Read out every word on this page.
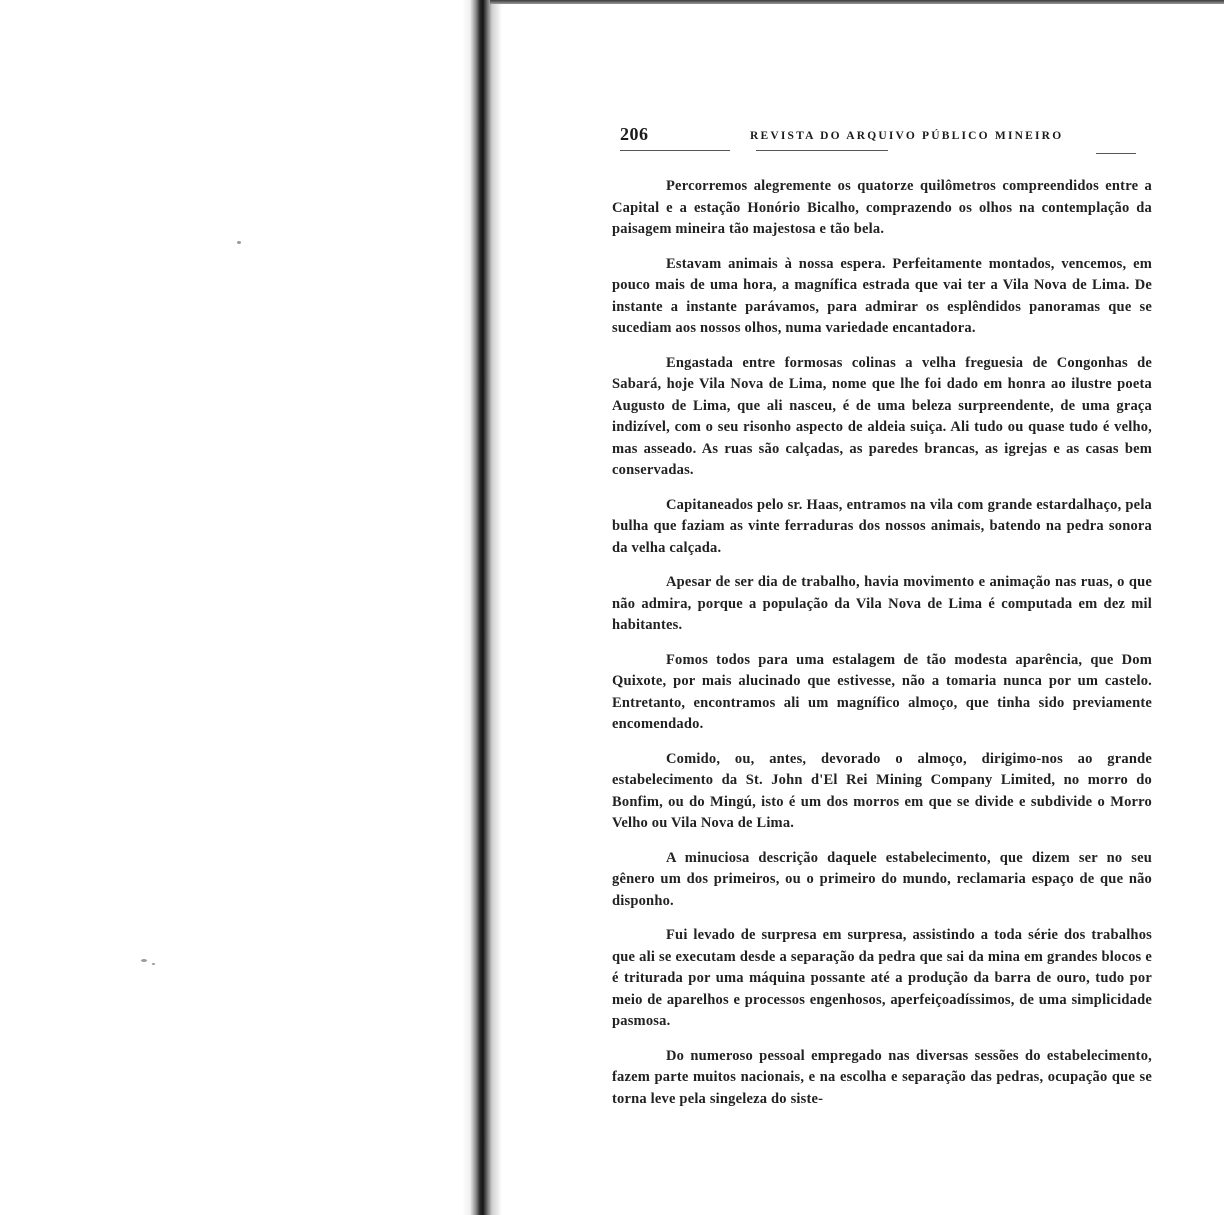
206	REVISTA DO ARQUIVO PÚBLICO MINEIRO

Percorremos alegremente os quatorze quilômetros compreendidos entre a Capital e a estação Honório Bicalho, comprazendo os olhos na contemplação da paisagem mineira tão majestosa e tão bela.

Estavam animais à nossa espera. Perfeitamente montados, vencemos, em pouco mais de uma hora, a magnífica estrada que vai ter a Vila Nova de Lima. De instante a instante parávamos, para admirar os esplêndidos panoramas que se sucediam aos nossos olhos, numa variedade encantadora.

Engastada entre formosas colinas a velha freguesia de Congonhas de Sabará, hoje Vila Nova de Lima, nome que lhe foi dado em honra ao ilustre poeta Augusto de Lima, que ali nasceu, é de uma beleza surpreendente, de uma graça indizível, com o seu risonho aspecto de aldeia suiça. Ali tudo ou quase tudo é velho, mas asseado. As ruas são calçadas, as paredes brancas, as igrejas e as casas bem conservadas.

Capitaneados pelo sr. Haas, entramos na vila com grande estardalhaço, pela bulha que faziam as vinte ferraduras dos nossos animais, batendo na pedra sonora da velha calçada.

Apesar de ser dia de trabalho, havia movimento e animação nas ruas, o que não admira, porque a população da Vila Nova de Lima é computada em dez mil habitantes.

Fomos todos para uma estalagem de tão modesta aparência, que Dom Quixote, por mais alucinado que estivesse, não a tomaria nunca por um castelo. Entretanto, encontramos ali um magnífico almoço, que tinha sido previamente encomendado.

Comido, ou, antes, devorado o almoço, dirigimo-nos ao grande estabelecimento da St. John d'El Rei Mining Company Limited, no morro do Bonfim, ou do Mingú, isto é um dos morros em que se divide e subdivide o Morro Velho ou Vila Nova de Lima.

A minuciosa descrição daquele estabelecimento, que dizem ser no seu gênero um dos primeiros, ou o primeiro do mundo, reclamaria espaço de que não disponho.

Fui levado de surpresa em surpresa, assistindo a toda série dos trabalhos que ali se executam desde a separação da pedra que sai da mina em grandes blocos e é triturada por uma máquina possante até a produção da barra de ouro, tudo por meio de aparelhos e processos engenhosos, aperfeiçoadíssimos, de uma simplicidade pasmosa.

Do numeroso pessoal empregado nas diversas sessões do estabelecimento, fazem parte muitos nacionais, e na escolha e separação das pedras, ocupação que se torna leve pela singeleza do siste-
